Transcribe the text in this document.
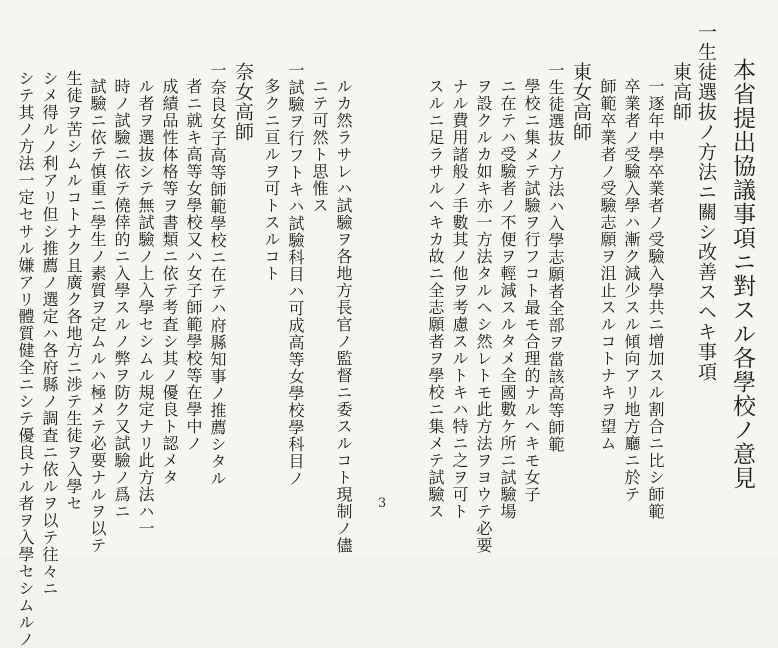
本省提出協議事項ニ對スル各學校ノ意見
一生徒選抜ノ方法ニ關シ改善スヘキ事項
東高師
一逐年中學卒業者ノ受驗入學共ニ增加スル割合ニ比シ師範
卒業者ノ受驗入學ハ漸ク減少スル傾向アリ地方廳ニ於テ
師範卒業者ノ受驗志願ヲ沮止スルコトナキヲ望ム
東女高師
一生徒選抜ノ方法ハ入學志願者全部ヲ當該高等師範
學校ニ集メテ試驗ヲ行フコト最モ合理的ナルヘキモ女子
ニ在テハ受驗者ノ不便ヲ輕減スルタメ全國數ケ所ニ試驗場
ヲ設クルカ如キ亦一方法タルヘシ然レトモ此方法ヲヨウテ必要
ナル費用諸般ノ手數其ノ他ヲ考慮スルトキハ特ニ之ヲ可ト
スルニ足ラサルヘキカ故ニ全志願者ヲ學校ニ集メテ試驗ス
ルカ然ラサレハ試驗ヲ各地方長官ノ監督ニ委スルコト現制ノ儘
ニテ可然ト思惟ス
一試驗ヲ行フトキハ試驗科目ハ可成高等女學校學科目ノ
多クニ亘ルヲ可トスルコト
奈女高師
一奈良女子高等師範學校ニ在テハ府縣知事ノ推薦シタル
者ニ就キ高等女學校又ハ女子師範學校等在學中ノ
成績品性体格等ヲ書類ニ依テ考査シ其ノ優良ト認メタ
ル者ヲ選抜シテ無試驗ノ上入學セシムル規定ナリ此方法ハ一
時ノ試驗ニ依テ僥倖的ニ入學スルノ弊ヲ防ク又試驗ノ爲ニ
試驗ニ依テ慎重ニ學生ノ素質ヲ定ムルハ極メテ必要ナルヲ以テ
生徒ヲ苦シムルコトナク且廣ク各地方ニ渉テ生徒ヲ入學セ
シメ得ルノ利アリ但シ推薦ノ選定ハ各府縣ノ調査ニ依ルヲ以テ往々ニ
シテ其ノ方法一定セサル嫌アリ體質健全ニシテ優良ナル者ヲ入學セシムルノ	3
